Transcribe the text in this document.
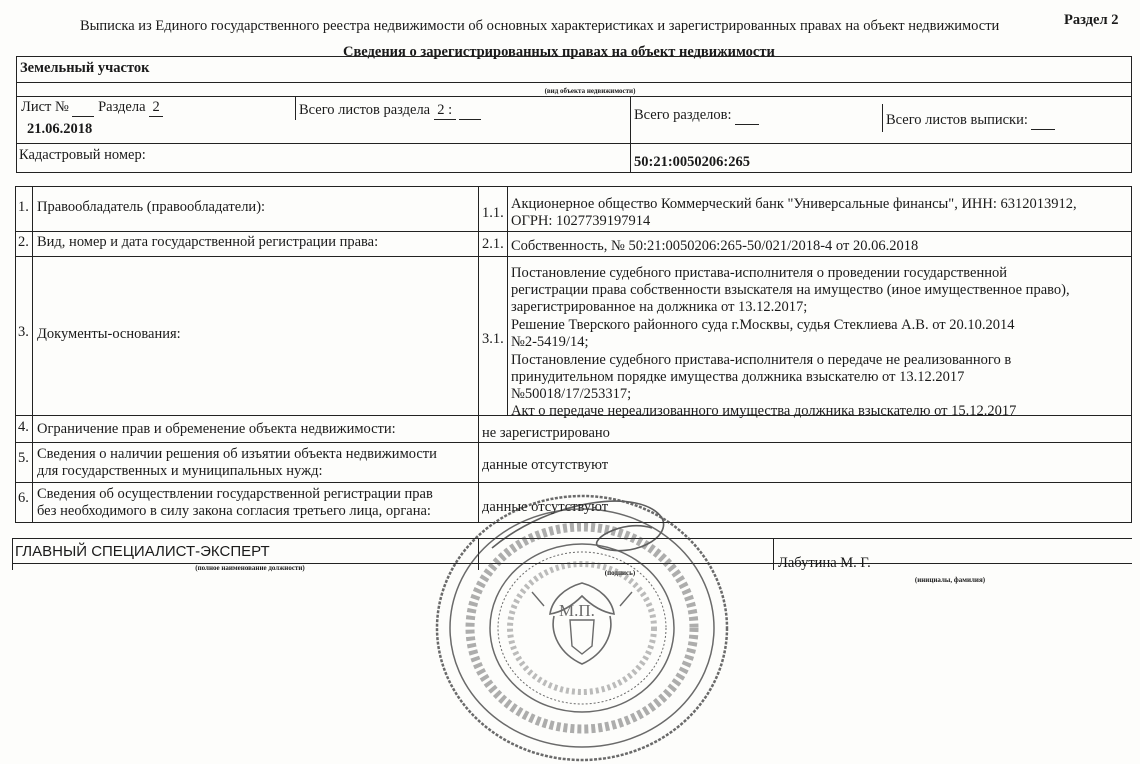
Выписка из Единого государственного реестра недвижимости об основных характеристиках и зарегистрированных правах на объект недвижимости	Раздел 2
Сведения о зарегистрированных правах на объект недвижимости
Земельный участок
(вид объекта недвижимости)
Лист № Раздела 2	Всего листов раздела 2 :	Всего разделов:	Всего листов выписки:
21.06.2018
Кадастровый номер:	50:21:0050206:265
1. Правообладатель (правообладатели):	1.1.
Акционерное общество Коммерческий банк "Универсальные финансы", ИНН: 6312013912,
ОГРН: 1027739197914
2. Вид, номер и дата государственной регистрации права:	2.1. Собственность, № 50:21:0050206:265-50/021/2018-4 от 20.06.2018
3. Документы-основания:	3.1.
Постановление судебного пристава-исполнителя о проведении государственной
регистрации права собственности взыскателя на имущество (иное имущественное право),
зарегистрированное на должника от 13.12.2017;
Решение Тверского районного суда г.Москвы, судья Стеклиева А.В. от 20.10.2014
№2-5419/14;
Постановление судебного пристава-исполнителя о передаче не реализованного в
принудительном порядке имущества должника взыскателю от 13.12.2017
№50018/17/253317;
Акт о передаче нереализованного имущества должника взыскателю от 15.12.2017
4. Ограничение прав и обременение объекта недвижимости:	не зарегистрировано
5. Сведения о наличии решения об изъятии объекта недвижимости
для государственных и муниципальных нужд:	данные отсутствуют
6. Сведения об осуществлении государственной регистрации прав
без необходимого в силу закона согласия третьего лица, органа:	данные отсутствуют
ГЛАВНЫЙ СПЕЦИАЛИСТ-ЭКСПЕРТ
(полное наименование должности)
(подпись)
Лабутина М. Г.
(инициалы, фамилия)
М.П.
